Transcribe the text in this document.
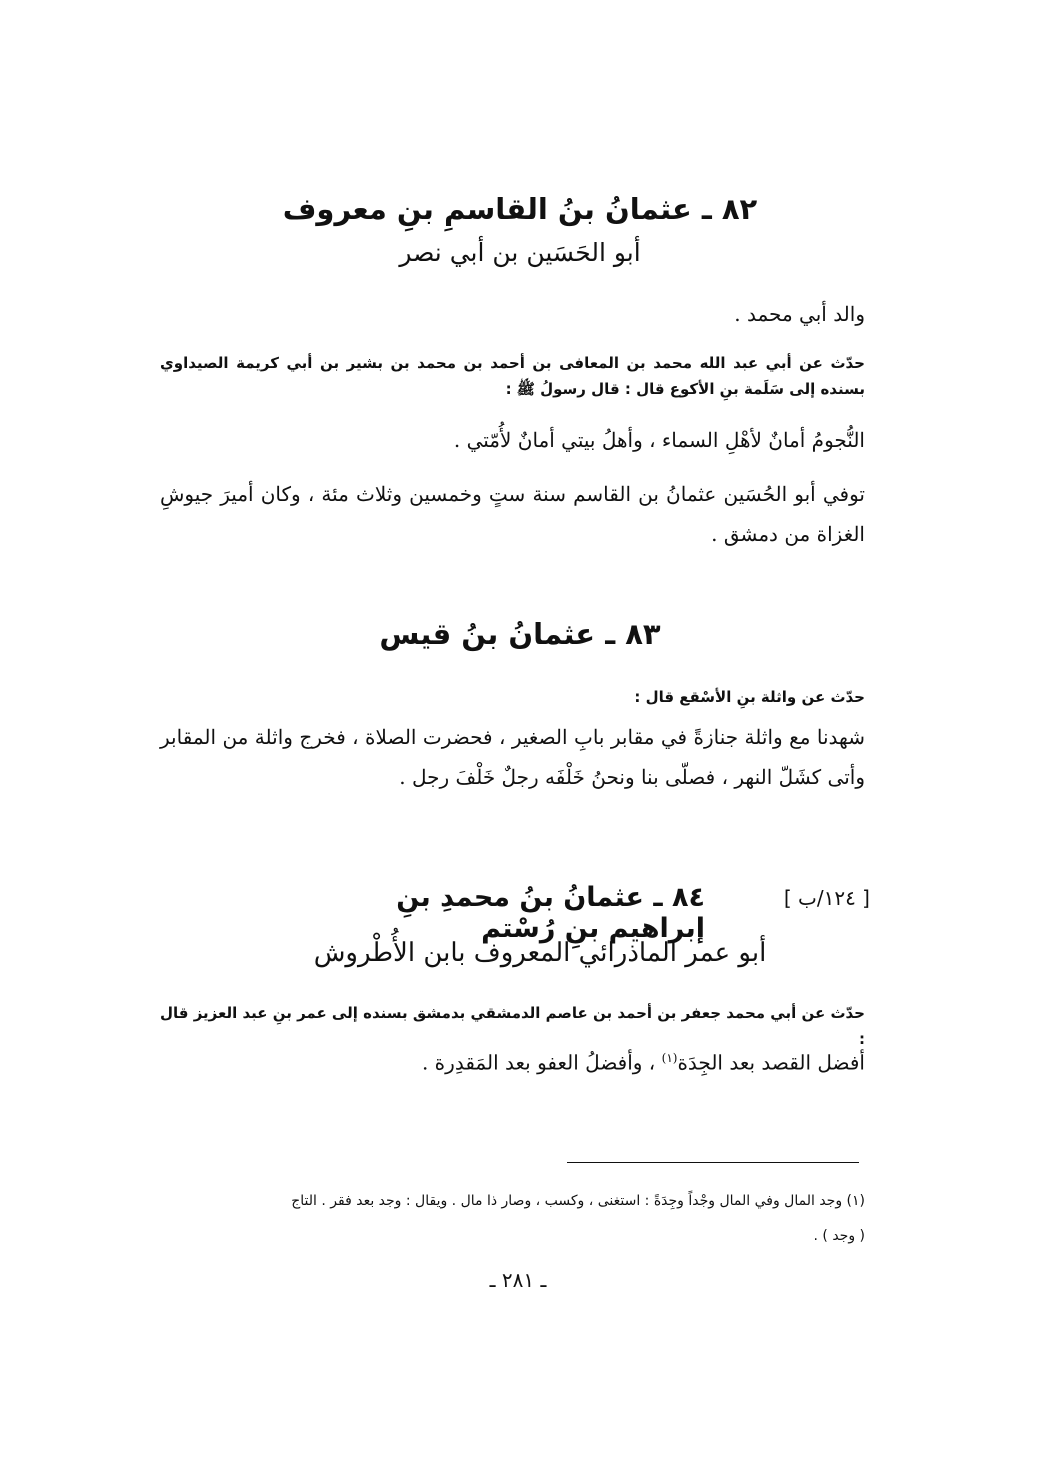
٨٢ ـ عثمانُ بنُ القاسمِ بنِ معروف
أبو الحَسَين بن أبي نصر
والد أبي محمد .
حدّث عن أبي عبد الله محمد بن المعافى بن أحمد بن محمد بن بشير بن أبي كريمة الصيداوي بسنده إلى سَلَمة بنِ الأكوع قال : قال رسولُ ﷺ :
النُّجومُ أمانٌ لأهْلِ السماء ، وأهلُ بيتي أمانٌ لأُمّتي .
توفي أبو الحُسَين عثمانُ بن القاسم سنة ستٍ وخمسين وثلاث مئة ، وكان أميرَ جيوشِ الغزاة من دمشق .
٨٣ ـ عثمانُ بنُ قيس
حدّث عن واثلة بنِ الأسْقع قال :
شهدنا مع واثلة جنازةً في مقابر بابِ الصغير ، فحضرت الصلاة ، فخرج واثلة من المقابر وأتى كشَلّ النهر ، فصلّى بنا ونحنُ خَلْفَه رجلٌ خَلْفَ رجل .
٨٤ ـ عثمانُ بنُ محمدِ بنِ إبراهيم بنِ رُسْتم
[ ١٢٤/ب ]
أبو عمر الماذرائي المعروف بابن الأُطْروش
حدّث عن أبي محمد جعفر بن أحمد بن عاصم الدمشقي بدمشق بسنده إلى عمر بنِ عبد العزيز قال :
أفضل القصد بعد الجِدَة$^{(١)}$ ، وأفضلُ العفو بعد المَقدِرة .
(١) وجد المال وفي المال وجْداً وجِدَةً : استغنى ، وكسب ، وصار ذا مال . ويقال : وجد بعد فقر . التاج
( وجد ) .
ـ ٢٨١ ـ
